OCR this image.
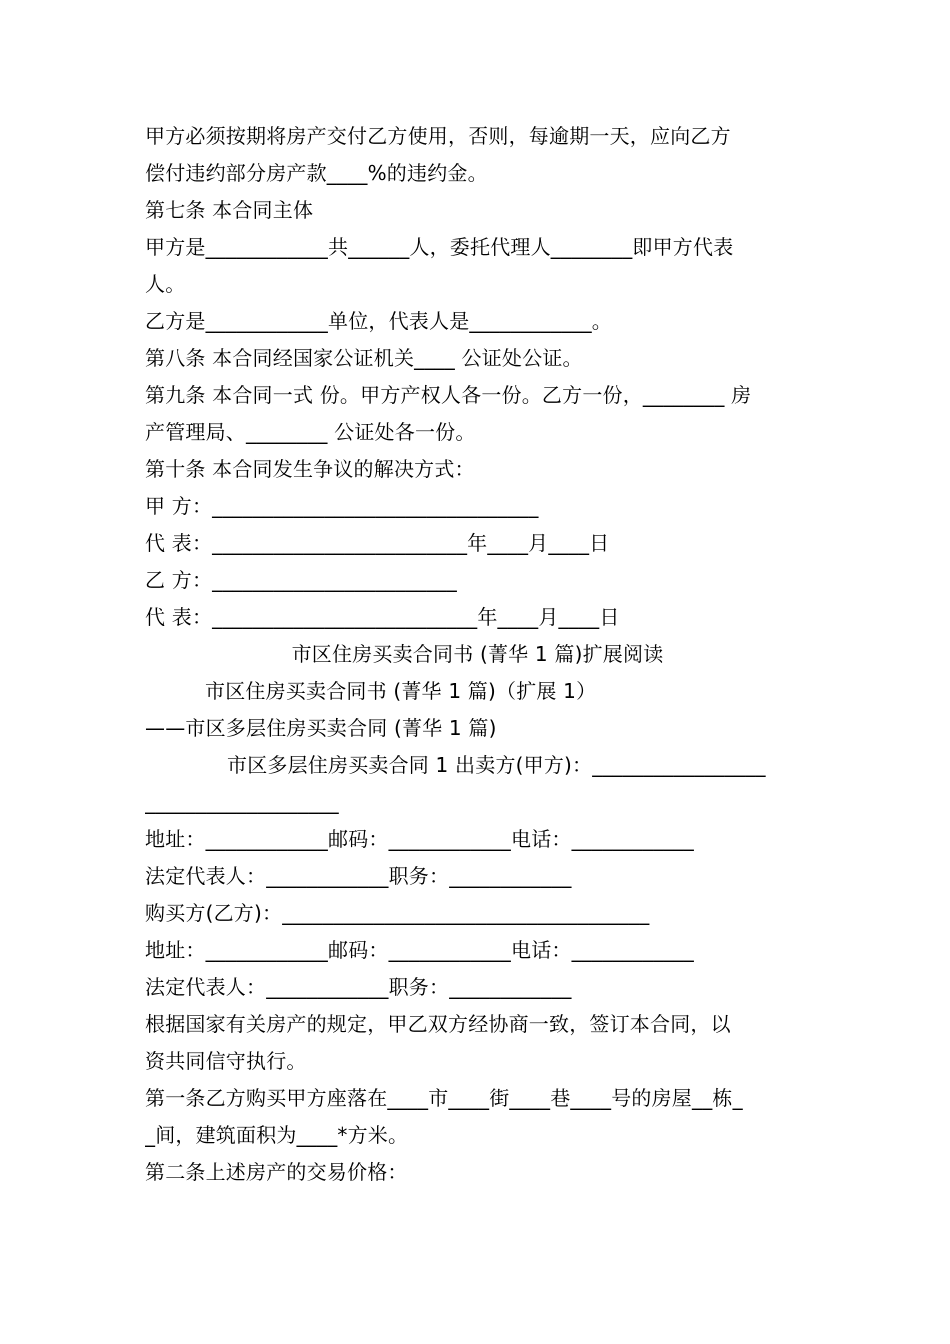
甲方必须按期将房产交付乙方使用，否则，每逾期一天，应向乙方
偿付违约部分房产款____%的违约金。
第七条 本合同主体
甲方是____________共______人，委托代理人________即甲方代表
人。
乙方是____________单位，代表人是____________。
第八条 本合同经国家公证机关____ 公证处公证。
第九条 本合同一式 份。甲方产权人各一份。乙方一份，________ 房
产管理局、________ 公证处各一份。
第十条 本合同发生争议的解决方式：
甲 方：________________________________
代 表：_________________________年____月____日
乙 方：________________________
代 表：__________________________年____月____日
市区住房买卖合同书 (菁华 1 篇)扩展阅读
市区住房买卖合同书 (菁华 1 篇)（扩展 1）
——市区多层住房买卖合同 (菁华 1 篇)
市区多层住房买卖合同 1 出卖方(甲方)：_________________
___________________
地址：____________邮码：____________电话：____________
法定代表人：____________职务：____________
购买方(乙方)：____________________________________
地址：____________邮码：____________电话：____________
法定代表人：____________职务：____________
根据国家有关房产的规定，甲乙双方经协商一致，签订本合同，以
资共同信守执行。
第一条乙方购买甲方座落在____市____街____巷____号的房屋__栋_
_间，建筑面积为____*方米。
第二条上述房产的交易价格：
